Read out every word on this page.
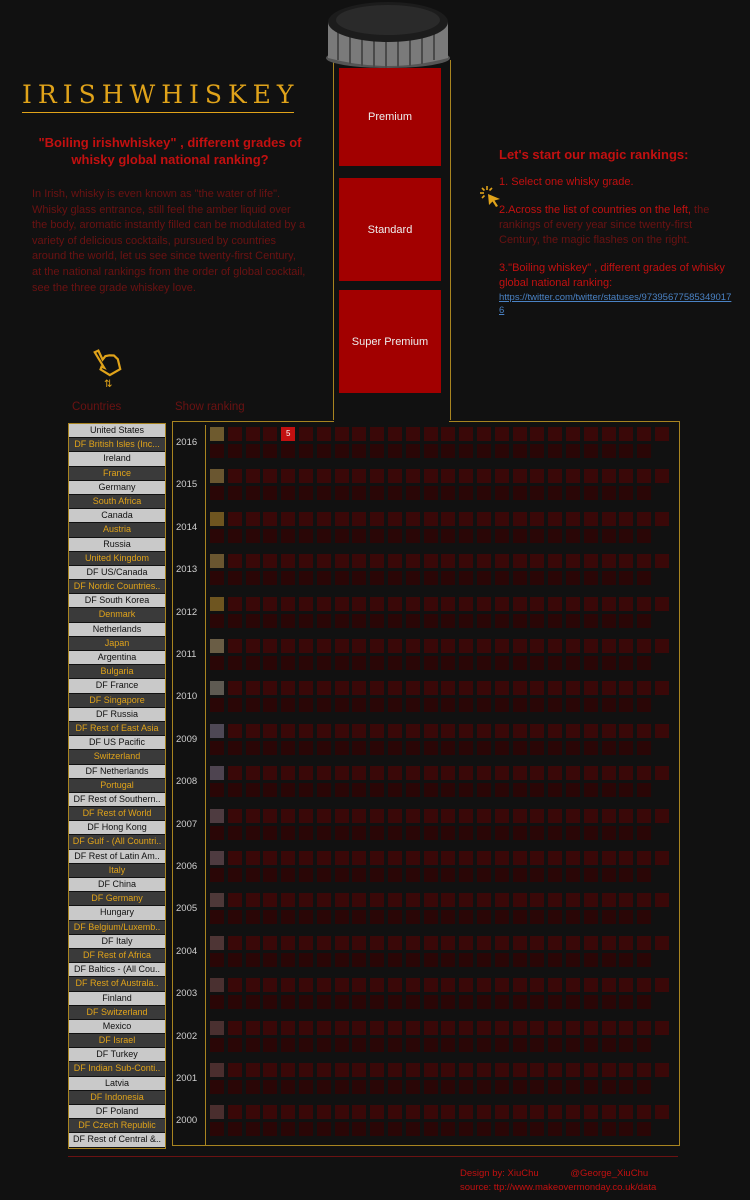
IRISHWHISKEY

"Boiling irishwhiskey" , different grades of whisky global national ranking?

In Irish, whisky is even known as "the water of life". Whisky glass entrance, still feel the amber liquid over the body, aromatic instantly filled can be modulated by a variety of delicious cocktails, pursued by countries around the world, let us see since twenty-first Century, at the national rankings from the order of global cocktail, see the three grade whiskey love.

Premium
Standard
Super Premium

Let's start our magic rankings:

1. Select one whisky grade.

2.Across the list of countries on the left, the rankings of every year since twenty-first Century, the magic flashes on the right.

3."Boiling whiskey" , different grades of whisky global national ranking:
https://twitter.com/twitter/statuses/973956775853490176

⇅
Countries	Show ranking
United States
DF British Isles (Inc...
Ireland
France
Germany
South Africa
Canada
Austria
Russia
United Kingdom
DF US/Canada
DF Nordic Countries..
DF South Korea
Denmark
Netherlands
Japan
Argentina
Bulgaria
DF France
DF Singapore
DF Russia
DF Rest of East Asia
DF US Pacific
Switzerland
DF Netherlands
Portugal
DF Rest of Southern..
DF Rest of World
DF Hong Kong
DF Gulf - (All Countri..
DF Rest of Latin Am..
Italy
DF China
DF Germany
Hungary
DF Belgium/Luxemb..
DF Italy
DF Rest of Africa
DF Baltics - (All Cou..
DF Rest of Australa..
Finland
DF Switzerland
Mexico
DF Israel
DF Turkey
DF Indian Sub-Conti..
Latvia
DF Indonesia
DF Poland
DF Czech Republic
DF Rest of Central &..
2016
2015
2014
2013
2012
2011
2010
2009
2008
2007
2006
2005
2004
2003
2002
2001
2000
5
Design by: XiuChu	@George_XiuChu
source: ttp://www.makeovermonday.co.uk/data
